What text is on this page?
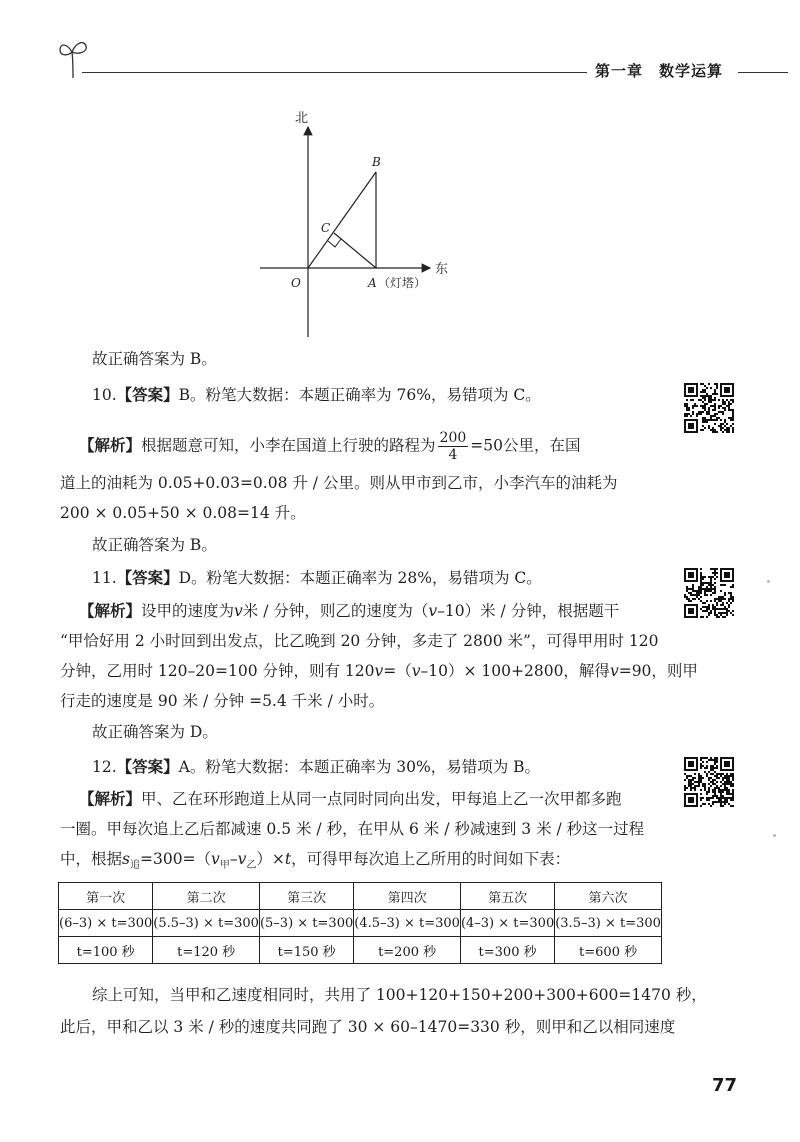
第一章 数学运算
北
东
B
C
O	A （灯塔）
故正确答案为 B。
10.【答案】B。粉笔大数据：本题正确率为 76%，易错项为 C。
【解析】根据题意可知，小李在国道上行驶的路程为 $\frac{200}{4} =50$公里，在国
道上的油耗为 0.05+0.03=0.08 升 / 公里。则从甲市到乙市，小李汽车的油耗为
200 × 0.05+50 × 0.08=14 升。
故正确答案为 B。
11.【答案】D。粉笔大数据：本题正确率为 28%，易错项为 C。
【解析】设甲的速度为v米 / 分钟，则乙的速度为（v–10）米 / 分钟，根据题干
“甲恰好用 2 小时回到出发点，比乙晚到 20 分钟，多走了 2800 米”，可得甲用时 120
分钟，乙用时 120–20=100 分钟，则有 120v=（v–10）× 100+2800，解得v=90，则甲
行走的速度是 90 米 / 分钟 =5.4 千米 / 小时。
故正确答案为 D。
12.【答案】A。粉笔大数据：本题正确率为 30%，易错项为 B。
【解析】甲、乙在环形跑道上从同一点同时同向出发，甲每追上乙一次甲都多跑
一圈。甲每次追上乙后都减速 0.5 米 / 秒，在甲从 6 米 / 秒减速到 3 米 / 秒这一过程
中，根据$s_追=300=(v_甲-v_乙)\times t$，可得甲每次追上乙所用的时间如下表：
第一次	第二次	第三次	第四次	第五次	第六次
(6–3) × t=300	(5.5–3) × t=300	(5–3) × t=300	(4.5–3) × t=300	(4–3) × t=300	(3.5–3) × t=300
t=100 秒	t=120 秒	t=150 秒	t=200 秒	t=300 秒	t=600 秒
综上可知，当甲和乙速度相同时，共用了 100+120+150+200+300+600=1470 秒，
此后，甲和乙以 3 米 / 秒的速度共同跑了 30 × 60–1470=330 秒，则甲和乙以相同速度
77
